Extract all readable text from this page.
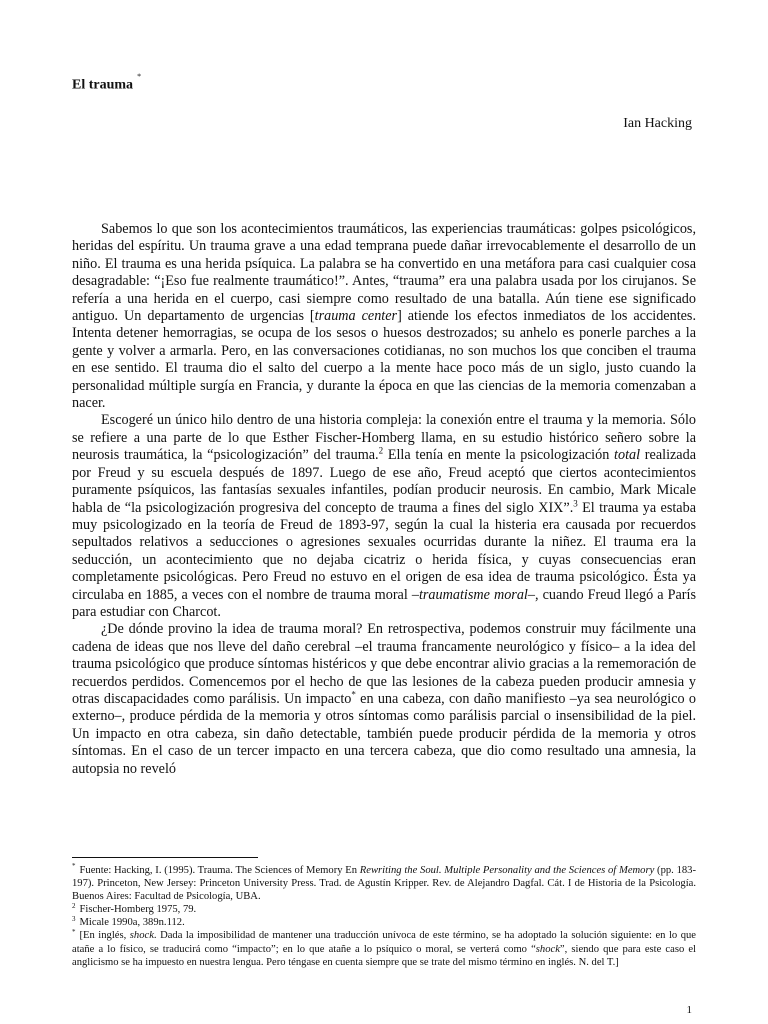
El trauma*
Ian Hacking

Sabemos lo que son los acontecimientos traumáticos, las experiencias traumáticas: golpes psicológicos, heridas del espíritu. Un trauma grave a una edad temprana puede dañar irrevocablemente el desarrollo de un niño. El trauma es una herida psíquica. La palabra se ha convertido en una metáfora para casi cualquier cosa desagradable: “¡Eso fue realmente traumático!”. Antes, “trauma” era una palabra usada por los cirujanos. Se refería a una herida en el cuerpo, casi siempre como resultado de una batalla. Aún tiene ese significado antiguo. Un departamento de urgencias [trauma center] atiende los efectos inmediatos de los accidentes. Intenta detener hemorragias, se ocupa de los sesos o huesos destrozados; su anhelo es ponerle parches a la gente y volver a armarla. Pero, en las conversaciones cotidianas, no son muchos los que conciben el trauma en ese sentido. El trauma dio el salto del cuerpo a la mente hace poco más de un siglo, justo cuando la personalidad múltiple surgía en Francia, y durante la época en que las ciencias de la memoria comenzaban a nacer.

Escogeré un único hilo dentro de una historia compleja: la conexión entre el trauma y la memoria. Sólo se refiere a una parte de lo que Esther Fischer-Homberg llama, en su estudio histórico señero sobre la neurosis traumática, la “psicologización” del trauma.$^2$ Ella tenía en mente la psicologización total realizada por Freud y su escuela después de 1897. Luego de ese año, Freud aceptó que ciertos acontecimientos puramente psíquicos, las fantasías sexuales infantiles, podían producir neurosis. En cambio, Mark Micale habla de “la psicologización progresiva del concepto de trauma a fines del siglo XIX”.$^3$ El trauma ya estaba muy psicologizado en la teoría de Freud de 1893-97, según la cual la histeria era causada por recuerdos sepultados relativos a seducciones o agresiones sexuales ocurridas durante la niñez. El trauma era la seducción, un acontecimiento que no dejaba cicatriz o herida física, y cuyas consecuencias eran completamente psicológicas. Pero Freud no estuvo en el origen de esa idea de trauma psicológico. Ésta ya circulaba en 1885, a veces con el nombre de trauma moral –traumatisme moral–, cuando Freud llegó a París para estudiar con Charcot.

¿De dónde provino la idea de trauma moral? En retrospectiva, podemos construir muy fácilmente una cadena de ideas que nos lleve del daño cerebral –el trauma francamente neurológico y físico– a la idea del trauma psicológico que produce síntomas histéricos y que debe encontrar alivio gracias a la rememoración de recuerdos perdidos. Comencemos por el hecho de que las lesiones de la cabeza pueden producir amnesia y otras discapacidades como parálisis. Un impacto* en una cabeza, con daño manifiesto –ya sea neurológico o externo–, produce pérdida de la memoria y otros síntomas como parálisis parcial o insensibilidad de la piel. Un impacto en otra cabeza, sin daño detectable, también puede producir pérdida de la memoria y otros síntomas. En el caso de un tercer impacto en una tercera cabeza, que dio como resultado una amnesia, la autopsia no reveló

* Fuente: Hacking, I. (1995). Trauma. The Sciences of Memory En Rewriting the Soul. Multiple Personality and the Sciences of Memory (pp. 183-197). Princeton, New Jersey: Princeton University Press. Trad. de Agustín Kripper. Rev. de Alejandro Dagfal. Cát. I de Historia de la Psicología. Buenos Aires: Facultad de Psicología, UBA.

$^2$ Fischer-Homberg 1975, 79.

$^3$ Micale 1990a, 389n.112.

* [En inglés, shock. Dada la imposibilidad de mantener una traducción unívoca de este término, se ha adoptado la solución siguiente: en lo que atañe a lo físico, se traducirá como “impacto”; en lo que atañe a lo psíquico o moral, se verterá como “shock”, siendo que para este caso el anglicismo se ha impuesto en nuestra lengua. Pero téngase en cuenta siempre que se trate del mismo término en inglés. N. del T.]

1
